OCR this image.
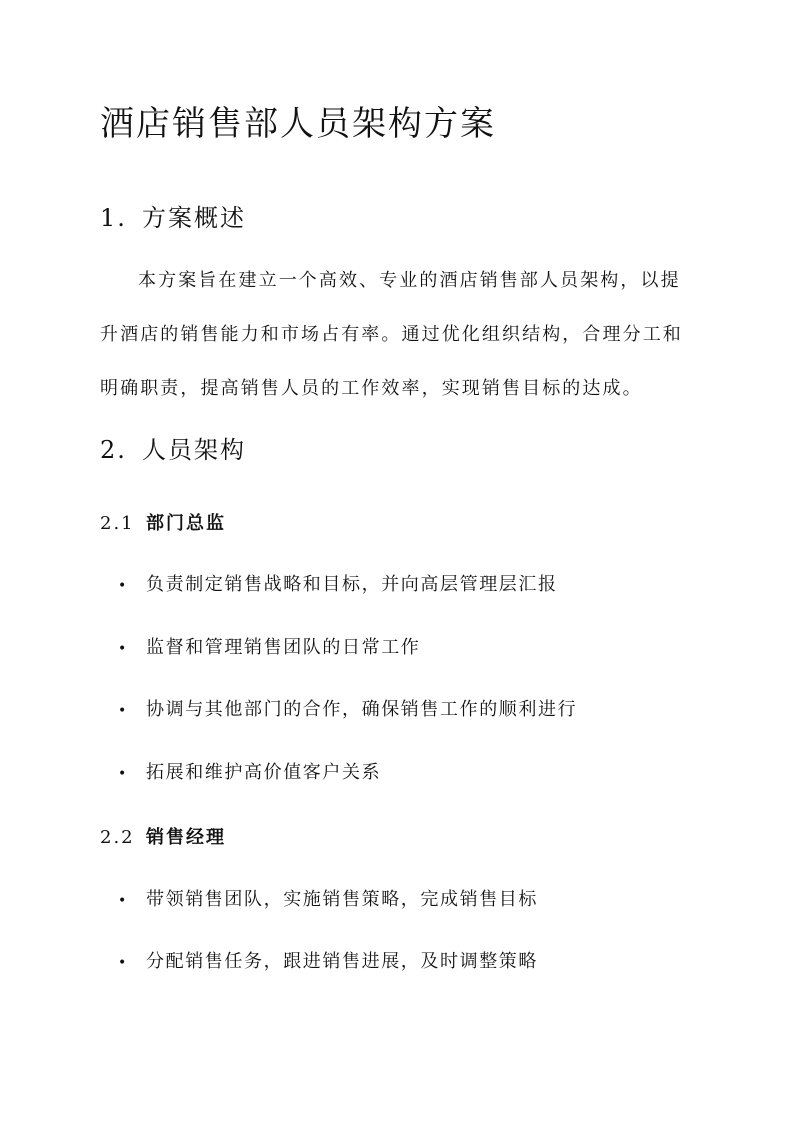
酒店销售部人员架构方案
1. 方案概述
本方案旨在建立一个高效、专业的酒店销售部人员架构，以提
升酒店的销售能力和市场占有率。通过优化组织结构，合理分工和
明确职责，提高销售人员的工作效率，实现销售目标的达成。
2. 人员架构
2.1 部门总监

• 负责制定销售战略和目标，并向高层管理层汇报

• 监督和管理销售团队的日常工作

• 协调与其他部门的合作，确保销售工作的顺利进行

• 拓展和维护高价值客户关系

2.2 销售经理

• 带领销售团队，实施销售策略，完成销售目标

• 分配销售任务，跟进销售进展，及时调整策略
